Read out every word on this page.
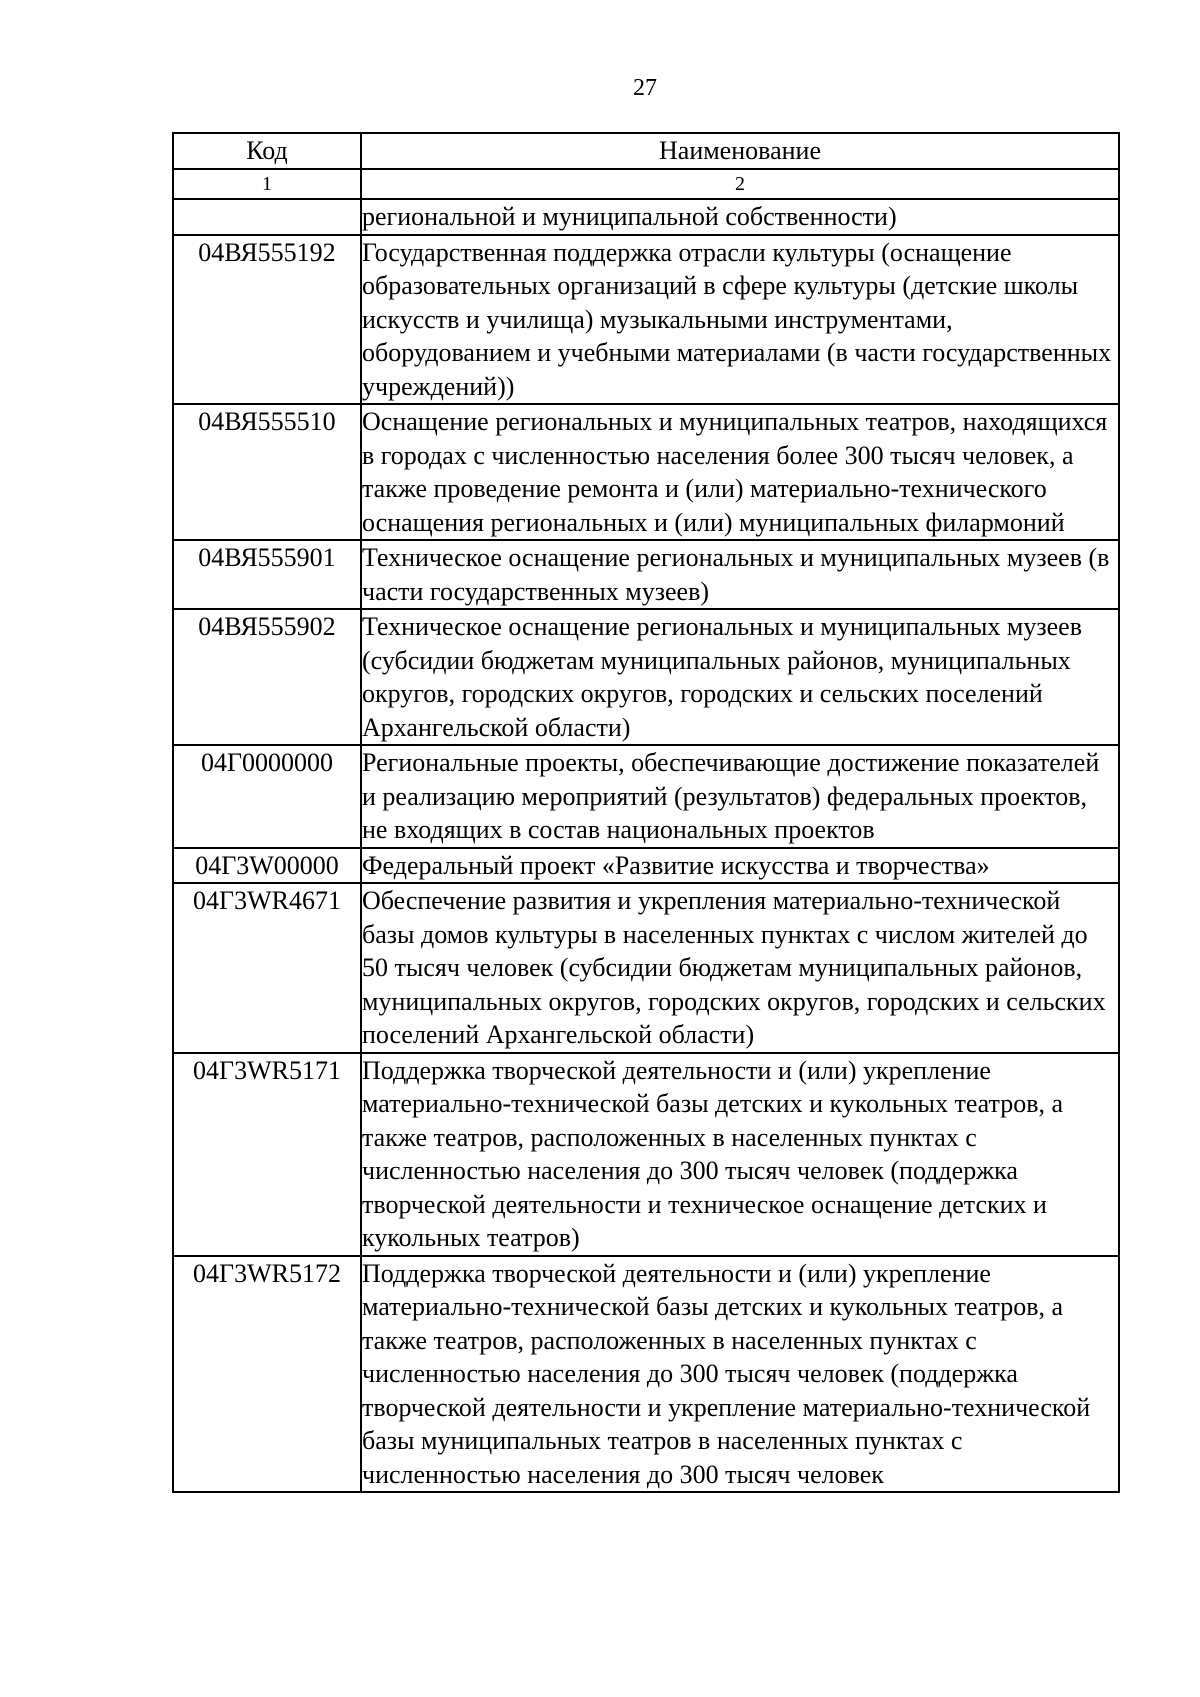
27
Код	Наименование
1	2
	региональной и муниципальной собственности)
04ВЯ555192	Государственная поддержка отрасли культуры (оснащение образовательных организаций в сфере культуры (детские школы искусств и училища) музыкальными инструментами, оборудованием и учебными материалами (в части государственных учреждений))
04ВЯ555510	Оснащение региональных и муниципальных театров, находящихся в городах с численностью населения более 300 тысяч человек, а также проведение ремонта и (или) материально-технического оснащения региональных и (или) муниципальных филармоний
04ВЯ555901	Техническое оснащение региональных и муниципальных музеев (в части государственных музеев)
04ВЯ555902	Техническое оснащение региональных и муниципальных музеев (субсидии бюджетам муниципальных районов, муниципальных округов, городских округов, городских и сельских поселений Архангельской области)
04Г0000000	Региональные проекты, обеспечивающие достижение показателей и реализацию мероприятий (результатов) федеральных проектов, не входящих в состав национальных проектов
04Г3W00000	Федеральный проект «Развитие искусства и творчества»
04Г3WR4671	Обеспечение развития и укрепления материально-технической базы домов культуры в населенных пунктах с числом жителей до 50 тысяч человек (субсидии бюджетам муниципальных районов, муниципальных округов, городских округов, городских и сельских поселений Архангельской области)
04Г3WR5171	Поддержка творческой деятельности и (или) укрепление материально-технической базы детских и кукольных театров, а также театров, расположенных в населенных пунктах с численностью населения до 300 тысяч человек (поддержка творческой деятельности и техническое оснащение детских и кукольных театров)
04Г3WR5172	Поддержка творческой деятельности и (или) укрепление материально-технической базы детских и кукольных театров, а также театров, расположенных в населенных пунктах с численностью населения до 300 тысяч человек (поддержка творческой деятельности и укрепление материально-технической базы муниципальных театров в населенных пунктах с численностью населения до 300 тысяч человек
